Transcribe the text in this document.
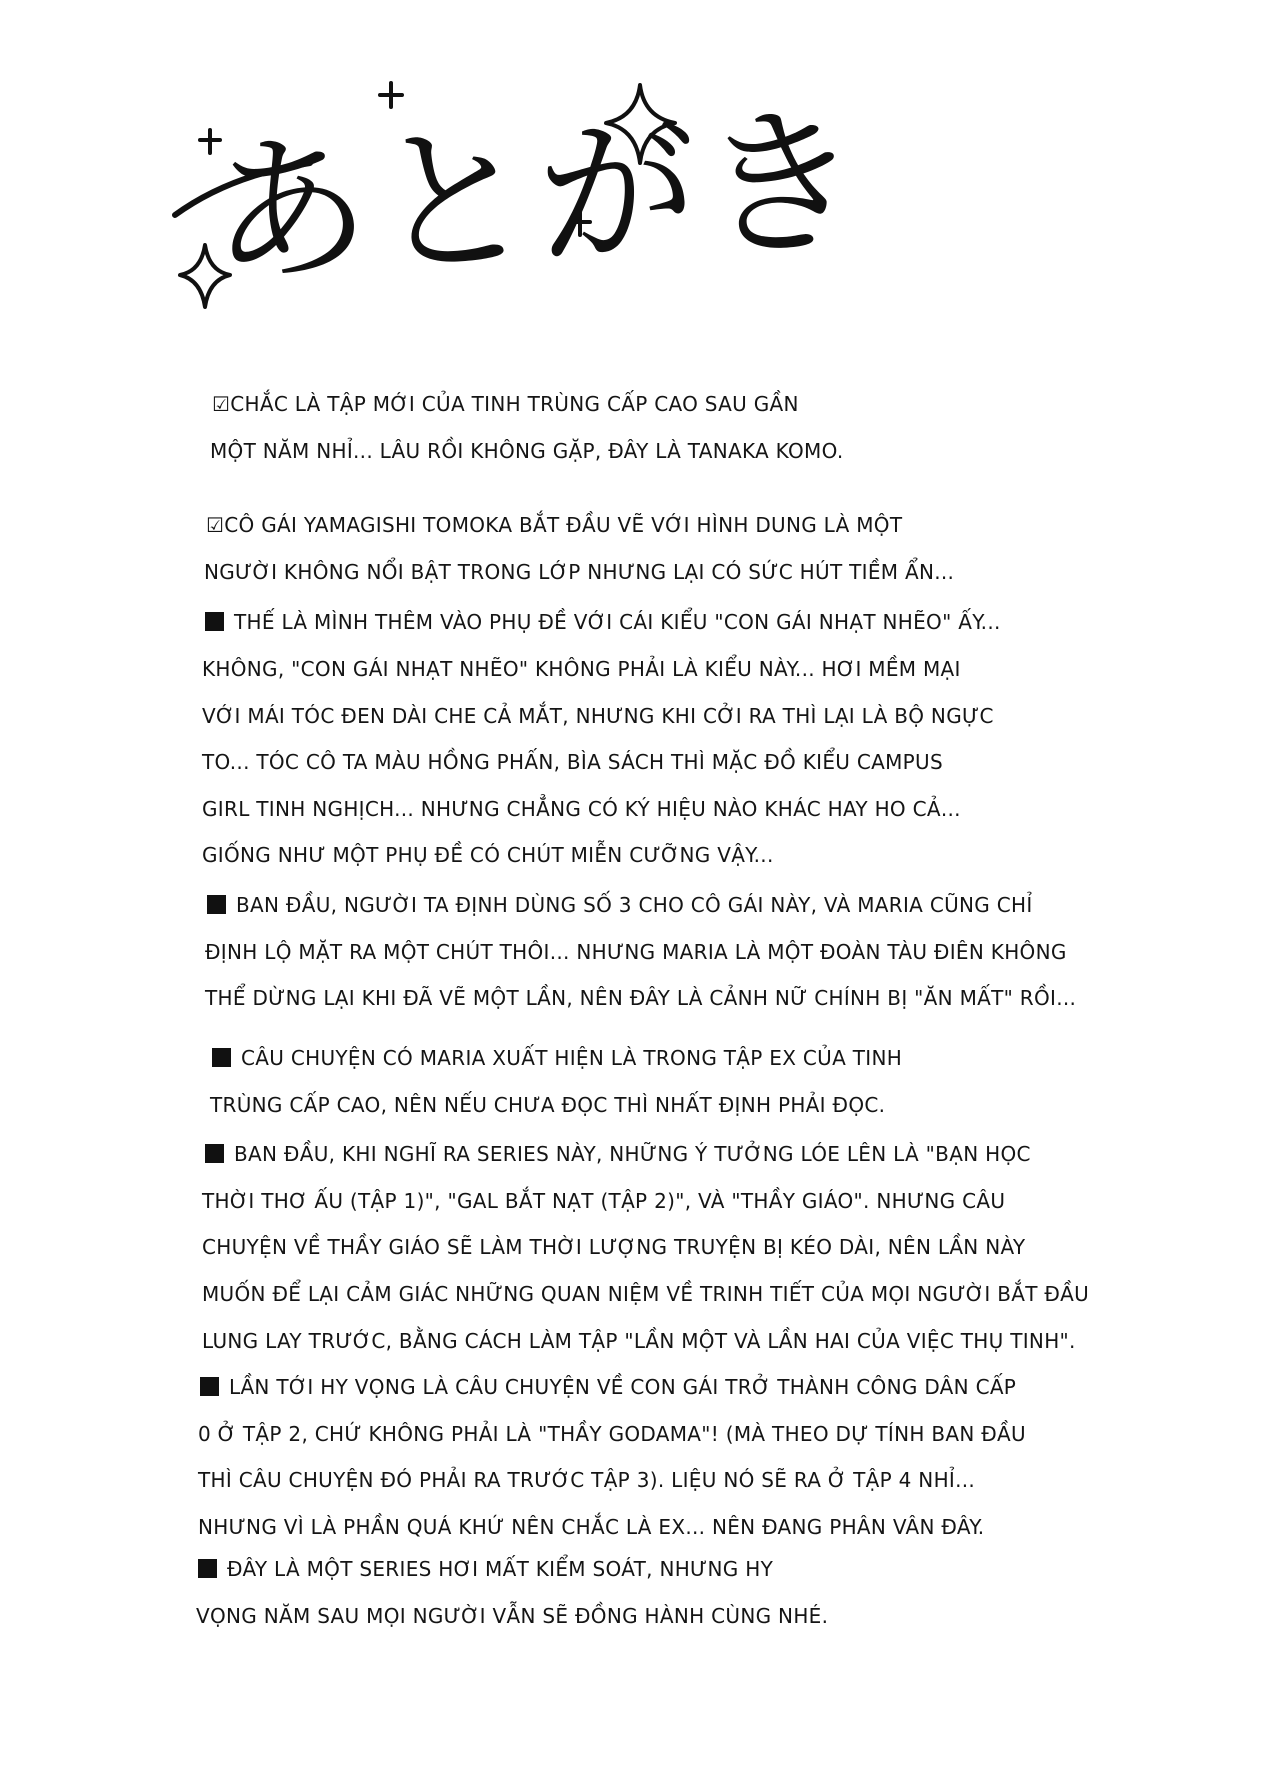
あとがき
☑CHẮC LÀ TẬP MỚI CỦA TINH TRÙNG CẤP CAO SAU GẦN
MỘT NĂM NHỈ... LÂU RỒI KHÔNG GẶP, ĐÂY LÀ TANAKA KOMO.
☑CÔ GÁI YAMAGISHI TOMOKA BẮT ĐẦU VẼ VỚI HÌNH DUNG LÀ MỘT
NGƯỜI KHÔNG NỔI BẬT TRONG LỚP NHƯNG LẠI CÓ SỨC HÚT TIỀM ẨN...
THẾ LÀ MÌNH THÊM VÀO PHỤ ĐỀ VỚI CÁI KIỂU "CON GÁI NHẠT NHẼO" ẤY...
KHÔNG, "CON GÁI NHẠT NHẼO" KHÔNG PHẢI LÀ KIỂU NÀY... HƠI MỀM MẠI
VỚI MÁI TÓC ĐEN DÀI CHE CẢ MẮT, NHƯNG KHI CỞI RA THÌ LẠI LÀ BỘ NGỰC
TO... TÓC CÔ TA MÀU HỒNG PHẤN, BÌA SÁCH THÌ MẶC ĐỒ KIỂU CAMPUS
GIRL TINH NGHỊCH... NHƯNG CHẲNG CÓ KÝ HIỆU NÀO KHÁC HAY HO CẢ...
GIỐNG NHƯ MỘT PHỤ ĐỀ CÓ CHÚT MIỄN CƯỠNG VẬY...
BAN ĐẦU, NGƯỜI TA ĐỊNH DÙNG SỐ 3 CHO CÔ GÁI NÀY, VÀ MARIA CŨNG CHỈ
ĐỊNH LỘ MẶT RA MỘT CHÚT THÔI... NHƯNG MARIA LÀ MỘT ĐOÀN TÀU ĐIÊN KHÔNG
THỂ DỪNG LẠI KHI ĐÃ VẼ MỘT LẦN, NÊN ĐÂY LÀ CẢNH NỮ CHÍNH BỊ "ĂN MẤT" RỒI...
CÂU CHUYỆN CÓ MARIA XUẤT HIỆN LÀ TRONG TẬP EX CỦA TINH
TRÙNG CẤP CAO, NÊN NẾU CHƯA ĐỌC THÌ NHẤT ĐỊNH PHẢI ĐỌC.
BAN ĐẦU, KHI NGHĨ RA SERIES NÀY, NHỮNG Ý TƯỞNG LÓE LÊN LÀ "BẠN HỌC
THỜI THƠ ẤU (TẬP 1)", "GAL BẮT NẠT (TẬP 2)", VÀ "THẦY GIÁO". NHƯNG CÂU
CHUYỆN VỀ THẦY GIÁO SẼ LÀM THỜI LƯỢNG TRUYỆN BỊ KÉO DÀI, NÊN LẦN NÀY
MUỐN ĐỂ LẠI CẢM GIÁC NHỮNG QUAN NIỆM VỀ TRINH TIẾT CỦA MỌI NGƯỜI BẮT ĐẦU
LUNG LAY TRƯỚC, BẰNG CÁCH LÀM TẬP "LẦN MỘT VÀ LẦN HAI CỦA VIỆC THỤ TINH".
LẦN TỚI HY VỌNG LÀ CÂU CHUYỆN VỀ CON GÁI TRỞ THÀNH CÔNG DÂN CẤP
0 Ở TẬP 2, CHỨ KHÔNG PHẢI LÀ "THẦY GODAMA"! (MÀ THEO DỰ TÍNH BAN ĐẦU
THÌ CÂU CHUYỆN ĐÓ PHẢI RA TRƯỚC TẬP 3). LIỆU NÓ SẼ RA Ở TẬP 4 NHỈ...
NHƯNG VÌ LÀ PHẦN QUÁ KHỨ NÊN CHẮC LÀ EX... NÊN ĐANG PHÂN VÂN ĐÂY.
ĐÂY LÀ MỘT SERIES HƠI MẤT KIỂM SOÁT, NHƯNG HY
VỌNG NĂM SAU MỌI NGƯỜI VẪN SẼ ĐỒNG HÀNH CÙNG NHÉ.
